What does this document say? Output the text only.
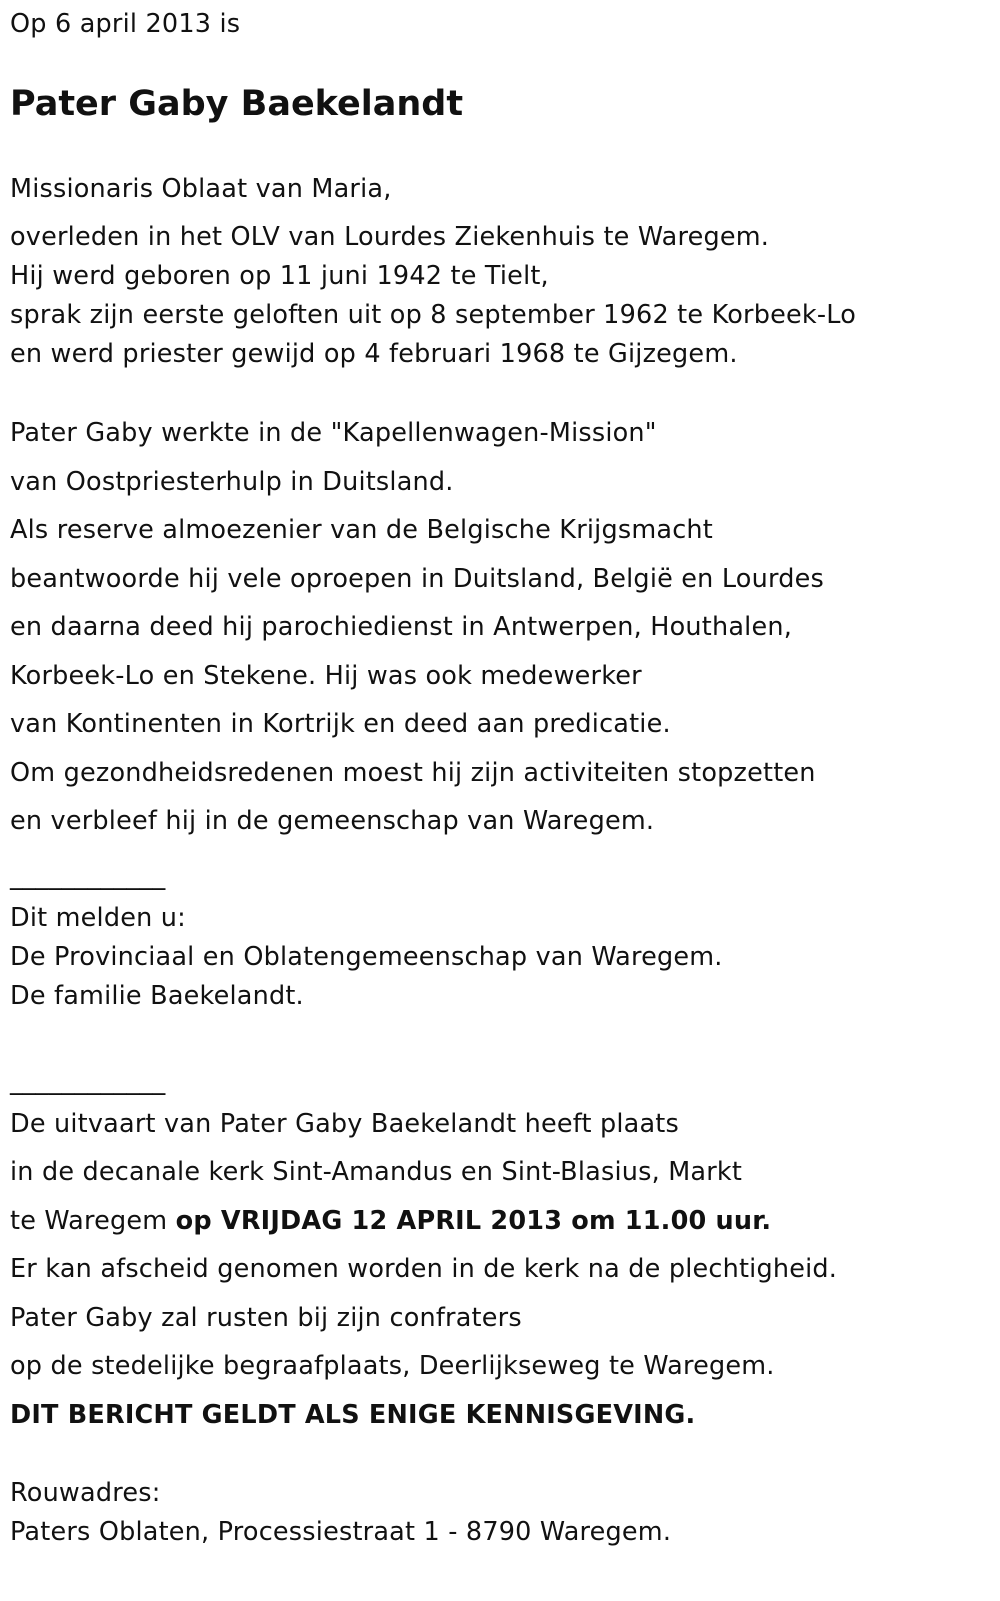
Op 6 april 2013 is
Pater Gaby Baekelandt
Missionaris Oblaat van Maria,
overleden in het OLV van Lourdes Ziekenhuis te Waregem.
Hij werd geboren op 11 juni 1942 te Tielt,
sprak zijn eerste geloften uit op 8 september 1962 te Korbeek-Lo
en werd priester gewijd op 4 februari 1968 te Gijzegem.
Pater Gaby werkte in de "Kapellenwagen-Mission"
van Oostpriesterhulp in Duitsland.
Als reserve almoezenier van de Belgische Krijgsmacht
beantwoorde hij vele oproepen in Duitsland, België en Lourdes
en daarna deed hij parochiedienst in Antwerpen, Houthalen,
Korbeek-Lo en Stekene. Hij was ook medewerker
van Kontinenten in Kortrijk en deed aan predicatie.
Om gezondheidsredenen moest hij zijn activiteiten stopzetten
en verbleef hij in de gemeenschap van Waregem.
____________
Dit melden u:
De Provinciaal en Oblatengemeenschap van Waregem.
De familie Baekelandt.
____________
De uitvaart van Pater Gaby Baekelandt heeft plaats
in de decanale kerk Sint-Amandus en Sint-Blasius, Markt
te Waregem op VRIJDAG 12 APRIL 2013 om 11.00 uur.
Er kan afscheid genomen worden in de kerk na de plechtigheid.
Pater Gaby zal rusten bij zijn confraters
op de stedelijke begraafplaats, Deerlijkseweg te Waregem.
DIT BERICHT GELDT ALS ENIGE KENNISGEVING.
Rouwadres:
Paters Oblaten, Processiestraat 1 - 8790 Waregem.
